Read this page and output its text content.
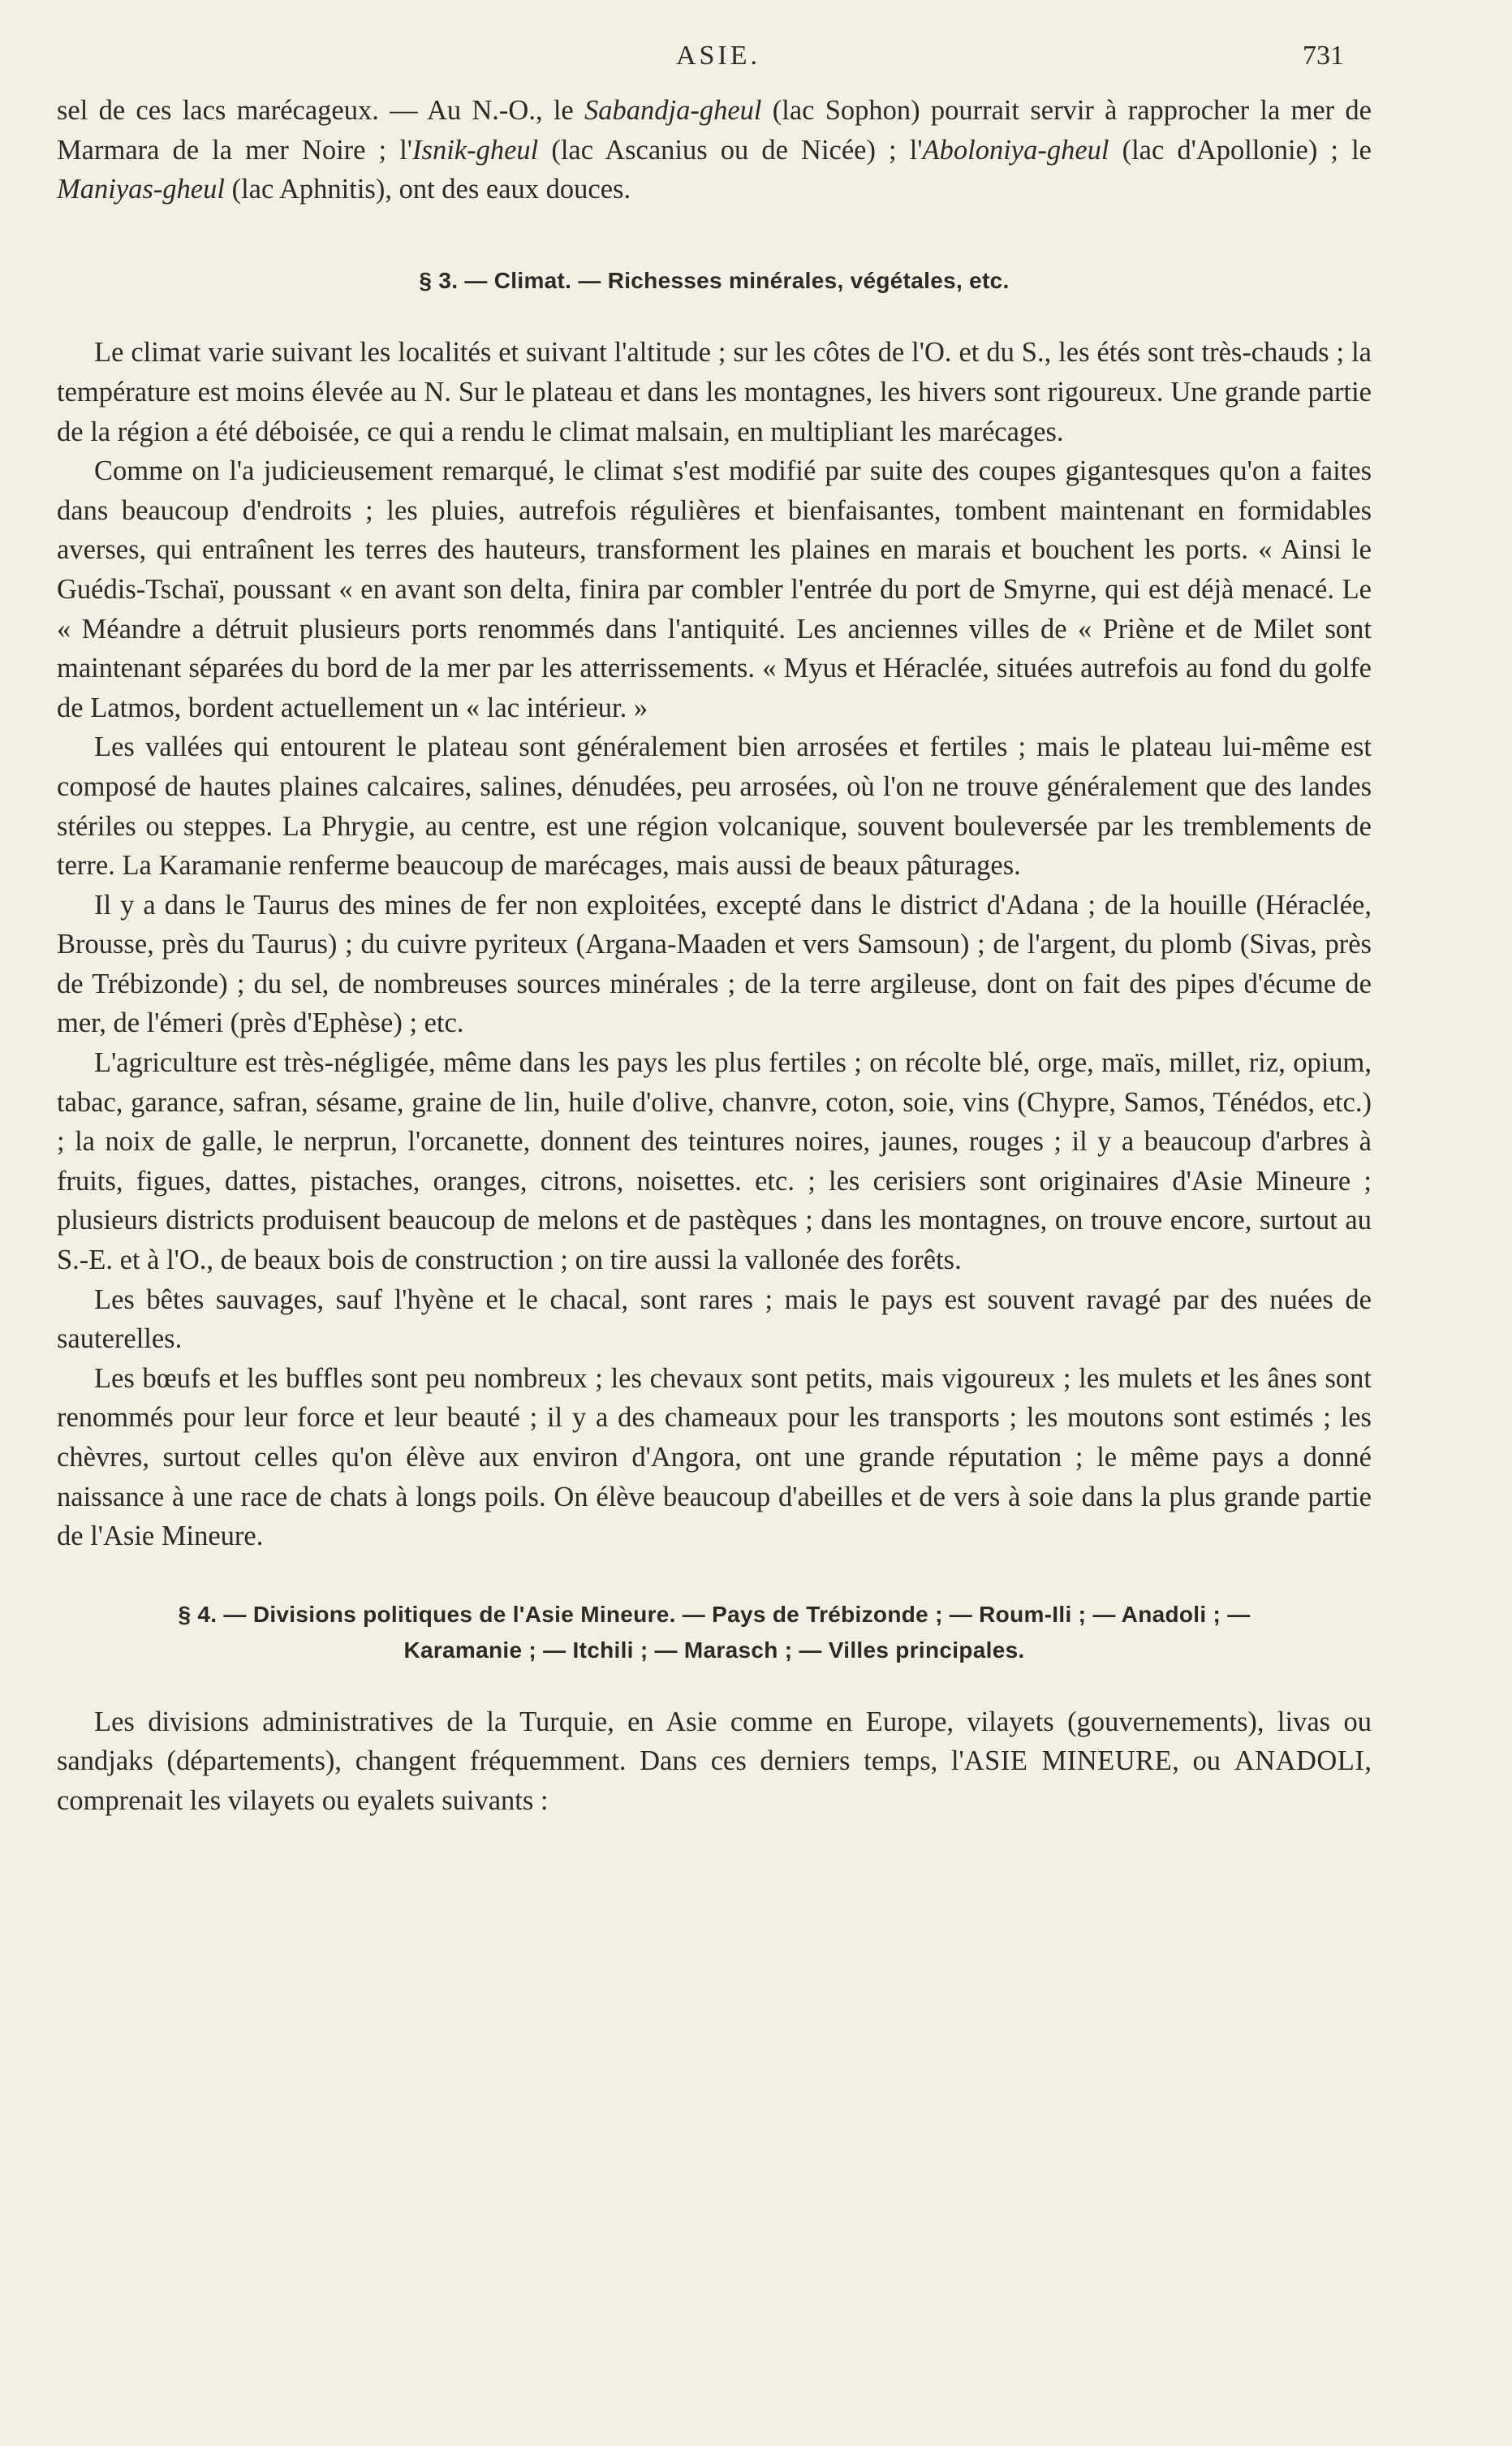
ASIE.	731

sel de ces lacs marécageux. — Au N.-O., le Sabandja-gheul (lac Sophon) pourrait servir à rapprocher la mer de Marmara de la mer Noire ; l'Isnik-gheul (lac Ascanius ou de Nicée) ; l'Aboloniya-gheul (lac d'Apollonie) ; le Maniyas-gheul (lac Aphnitis), ont des eaux douces.

§ 3. — Climat. — Richesses minérales, végétales, etc.

Le climat varie suivant les localités et suivant l'altitude ; sur les côtes de l'O. et du S., les étés sont très-chauds ; la température est moins élevée au N. Sur le plateau et dans les montagnes, les hivers sont rigoureux. Une grande partie de la région a été déboisée, ce qui a rendu le climat malsain, en multipliant les marécages.

Comme on l'a judicieusement remarqué, le climat s'est modifié par suite des coupes gigantesques qu'on a faites dans beaucoup d'endroits ; les pluies, autrefois régulières et bienfaisantes, tombent maintenant en formidables averses, qui entraînent les terres des hauteurs, transforment les plaines en marais et bouchent les ports. « Ainsi le Guédis-Tschaï, poussant « en avant son delta, finira par combler l'entrée du port de Smyrne, qui est déjà menacé. Le « Méandre a détruit plusieurs ports renommés dans l'antiquité. Les anciennes villes de « Priène et de Milet sont maintenant séparées du bord de la mer par les atterrissements. « Myus et Héraclée, situées autrefois au fond du golfe de Latmos, bordent actuellement un « lac intérieur. »

Les vallées qui entourent le plateau sont généralement bien arrosées et fertiles ; mais le plateau lui-même est composé de hautes plaines calcaires, salines, dénudées, peu arrosées, où l'on ne trouve généralement que des landes stériles ou steppes. La Phrygie, au centre, est une région volcanique, souvent bouleversée par les tremblements de terre. La Karamanie renferme beaucoup de marécages, mais aussi de beaux pâturages.

Il y a dans le Taurus des mines de fer non exploitées, excepté dans le district d'Adana ; de la houille (Héraclée, Brousse, près du Taurus) ; du cuivre pyriteux (Argana-Maaden et vers Samsoun) ; de l'argent, du plomb (Sivas, près de Trébizonde) ; du sel, de nombreuses sources minérales ; de la terre argileuse, dont on fait des pipes d'écume de mer, de l'émeri (près d'Ephèse) ; etc.

L'agriculture est très-négligée, même dans les pays les plus fertiles ; on récolte blé, orge, maïs, millet, riz, opium, tabac, garance, safran, sésame, graine de lin, huile d'olive, chanvre, coton, soie, vins (Chypre, Samos, Ténédos, etc.) ; la noix de galle, le nerprun, l'orcanette, donnent des teintures noires, jaunes, rouges ; il y a beaucoup d'arbres à fruits, figues, dattes, pistaches, oranges, citrons, noisettes. etc. ; les cerisiers sont originaires d'Asie Mineure ; plusieurs districts produisent beaucoup de melons et de pastèques ; dans les montagnes, on trouve encore, surtout au S.-E. et à l'O., de beaux bois de construction ; on tire aussi la vallonée des forêts.

Les bêtes sauvages, sauf l'hyène et le chacal, sont rares ; mais le pays est souvent ravagé par des nuées de sauterelles.

Les bœufs et les buffles sont peu nombreux ; les chevaux sont petits, mais vigoureux ; les mulets et les ânes sont renommés pour leur force et leur beauté ; il y a des chameaux pour les transports ; les moutons sont estimés ; les chèvres, surtout celles qu'on élève aux environ d'Angora, ont une grande réputation ; le même pays a donné naissance à une race de chats à longs poils. On élève beaucoup d'abeilles et de vers à soie dans la plus grande partie de l'Asie Mineure.

§ 4. — Divisions politiques de l'Asie Mineure. — Pays de Trébizonde ; — Roum-Ili ; — Anadoli ; —
Karamanie ; — Itchili ; — Marasch ; — Villes principales.

Les divisions administratives de la Turquie, en Asie comme en Europe, vilayets (gouvernements), livas ou sandjaks (départements), changent fréquemment. Dans ces derniers temps, l'ASIE MINEURE, ou ANADOLI, comprenait les vilayets ou eyalets suivants :
